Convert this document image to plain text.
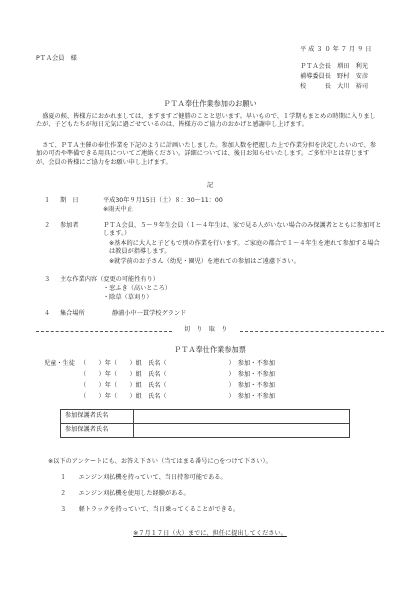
PＴＡ会員　様
平 成 ３ ０ 年 ７ 月 ９ 日
ＰＴＡ会長　 増田　利光
補導委員長　 野村　安彦
校　　　長　 大川　裕司
ＰＴＡ奉仕作業参加のお願い
盛夏の候、皆様方におかれましては、ますますご健勝のことと思います。早いもので、１学期もまとめの時期に入りましたが、子どもたちが毎日元気に過ごせているのは、皆様方のご協力のおかげと感謝申し上げます。
さて、ＰＴＡ主催の奉仕作業を下記のように計画いたしました。参加人数を把握した上で作業分担を決定したいので、参加の可否や準備できる用具についてご連絡ください。詳細については、後日お知らせいたします。ご多忙中とは存じますが、会員の皆様にご協力をお願い申し上げます。
記
１ 期　日	平成30年９月15日（土）８：30～11：00
※雨天中止
２ 参加者	ＰＴＡ会員、５～９年生会員（１～４年生は、家で見る人がいない場合のみ保護者とともに参加可とします。）
※基本的に大人と子どもで別の作業を行います。ご家庭の都合で１～４年生を連れて参加する場合は教員が指導します。
※就学前のお子さん（幼児・園児）を連れての参加はご遠慮下さい。
３ 主な作業内容（変更の可能性有り）
・窓ふき（高いところ）
・除草（草刈り）
４ 集合場所	静浦小中一貫学校グランド
切　り　取　り
ＰＴＡ奉仕作業参加票
児童・生徒 （　　）年（　　）組　氏名（　　　　　　　　　　）　参加・不参加
（　　）年（　　）組　氏名（　　　　　　　　　　）　参加・不参加
（　　）年（　　）組　氏名（　　　　　　　　　　）　参加・不参加
（　　）年（　　）組　氏名（　　　　　　　　　　）　参加・不参加
参加保護者氏名	
参加保護者氏名	
※以下のアンケートにも、お答え下さい（当てはまる番号に○をつけて下さい）。
１　　 エンジン刈払機を持っていて、当日持参可能である。
２　　 エンジン刈払機を使用した経験がある。
３　　 軽トラックを持っていて、当日乗ってくることができる。
※７月１７日（火）までに、担任に提出してください。
